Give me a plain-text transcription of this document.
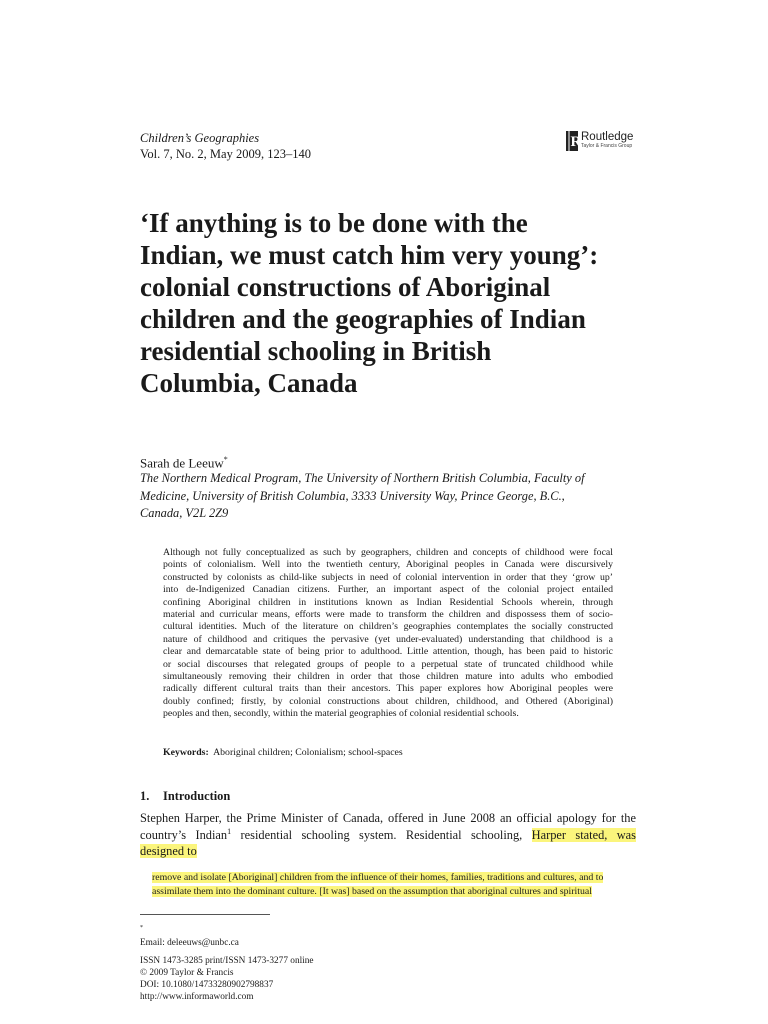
Children’s Geographies
Vol. 7, No. 2, May 2009, 123–140
R Routledge
Taylor & Francis Group
‘If anything is to be done with the
Indian, we must catch him very young’:
colonial constructions of Aboriginal
children and the geographies of Indian
residential schooling in British
Columbia, Canada
Sarah de Leeuw*
The Northern Medical Program, The University of Northern British Columbia, Faculty of
Medicine, University of British Columbia, 3333 University Way, Prince George, B.C.,
Canada, V2L 2Z9
Although not fully conceptualized as such by geographers, children and concepts of childhood were focal
points of colonialism. Well into the twentieth century, Aboriginal peoples in Canada were discursively
constructed by colonists as child-like subjects in need of colonial intervention in order that they ‘grow up’
into de-Indigenized Canadian citizens. Further, an important aspect of the colonial project entailed
confining Aboriginal children in institutions known as Indian Residential Schools wherein, through
material and curricular means, efforts were made to transform the children and dispossess them of socio-
cultural identities. Much of the literature on children’s geographies contemplates the socially constructed
nature of childhood and critiques the pervasive (yet under-evaluated) understanding that childhood is a
clear and demarcatable state of being prior to adulthood. Little attention, though, has been paid to historic
or social discourses that relegated groups of people to a perpetual state of truncated childhood while
simultaneously removing their children in order that those children mature into adults who embodied
radically different cultural traits than their ancestors. This paper explores how Aboriginal peoples were
doubly confined; firstly, by colonial constructions about children, childhood, and Othered (Aboriginal)
peoples and then, secondly, within the material geographies of colonial residential schools.
Keywords: Aboriginal children; Colonialism; school-spaces
1. Introduction
Stephen Harper, the Prime Minister of Canada, offered in June 2008 an official apology for the
country’s Indian$^1$ residential schooling system. Residential schooling, Harper stated, was
designed to
remove and isolate [Aboriginal] children from the influence of their homes, families, traditions and cultures, and to
assimilate them into the dominant culture. [It was] based on the assumption that aboriginal cultures and spiritual
*
Email: deleeuws@unbc.ca
ISSN 1473-3285 print/ISSN 1473-3277 online
© 2009 Taylor & Francis
DOI: 10.1080/14733280902798837
http://www.informaworld.com
